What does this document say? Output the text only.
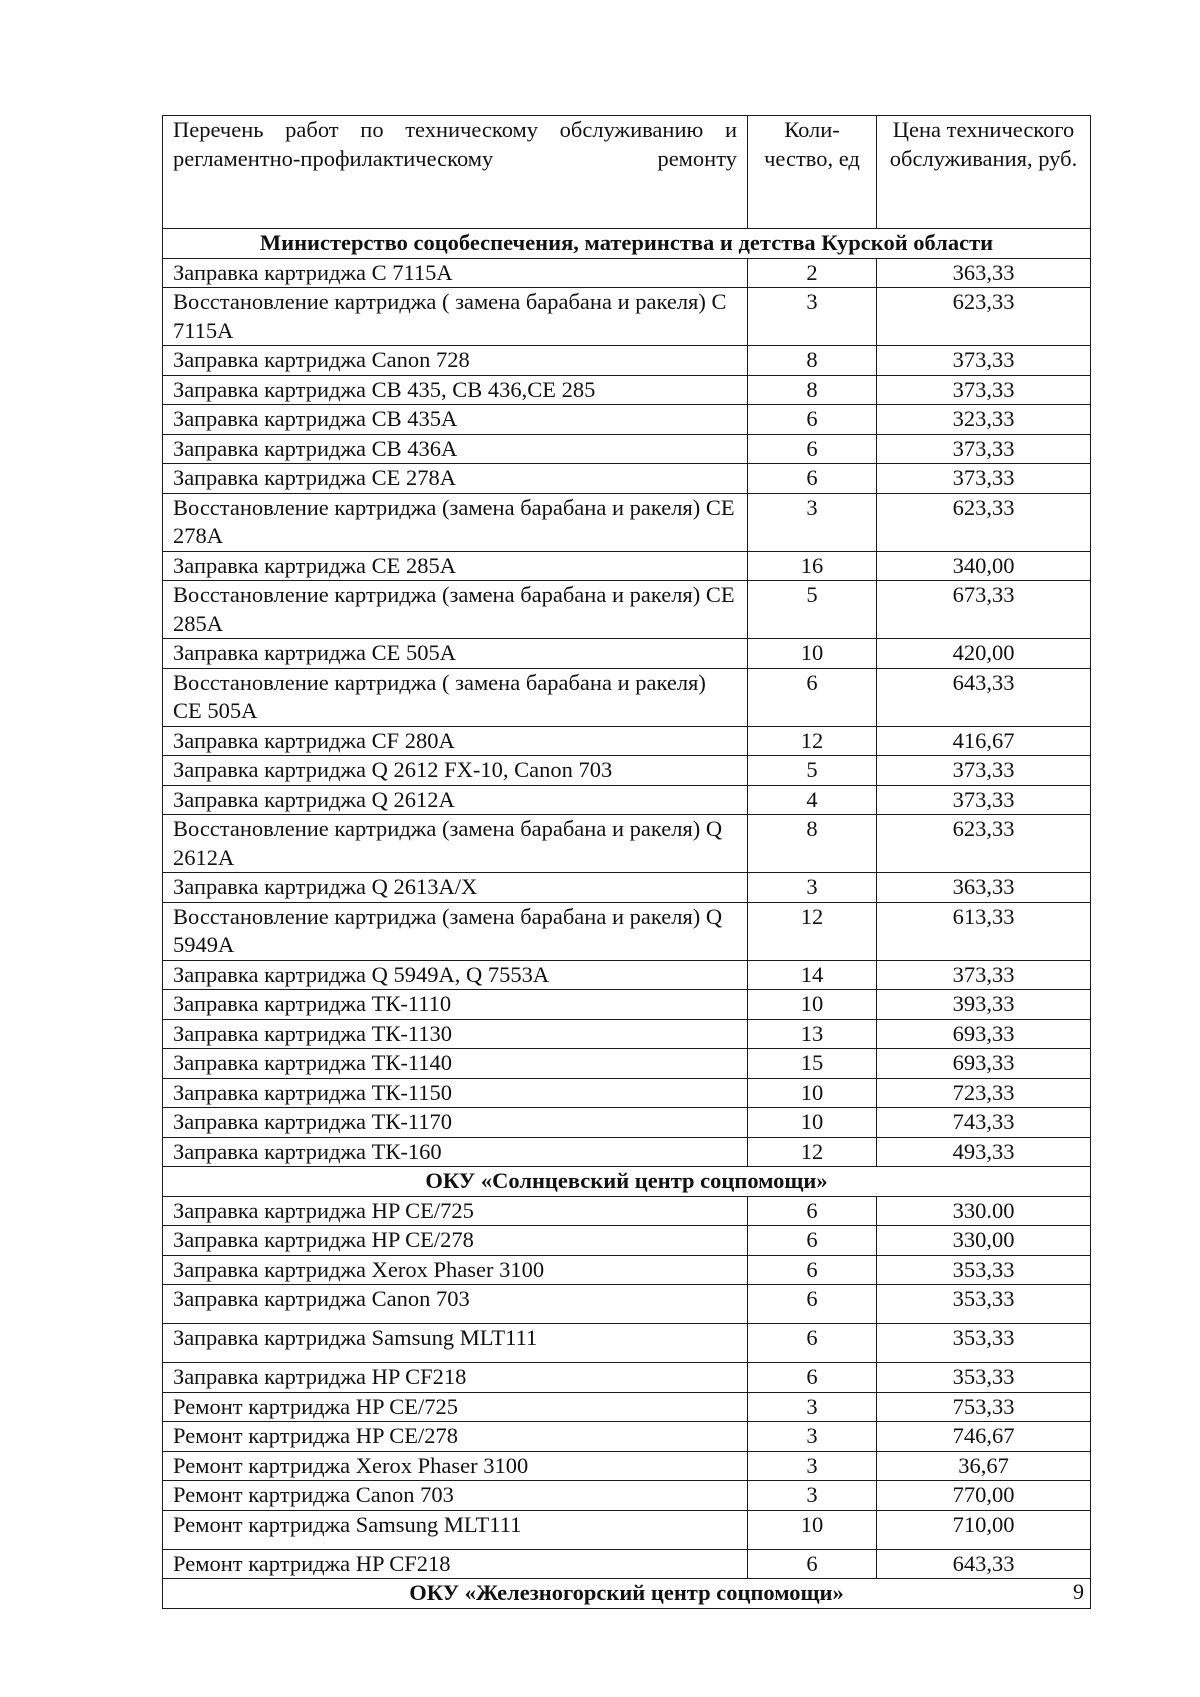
Перечень работ по техническому обслуживанию и регламентно-профилактическому ремонту	Коли-чество, ед	Цена технического обслуживания, руб.
Министерство соцобеспечения, материнства и детства Курской области		
Заправка картриджа С 7115А	2	363,33
Восстановление картриджа ( замена барабана и ракеля) С 7115А	3	623,33
Заправка картриджа Canon 728	8	373,33
Заправка картриджа СВ 435, СВ 436,СЕ 285	8	373,33
Заправка картриджа СВ 435А	6	323,33
Заправка картриджа СВ 436А	6	373,33
Заправка картриджа СЕ 278А	6	373,33
Восстановление картриджа (замена барабана и ракеля) СЕ 278А	3	623,33
Заправка картриджа СЕ 285А	16	340,00
Восстановление картриджа (замена барабана и ракеля) СЕ 285А	5	673,33
Заправка картриджа СЕ 505А	10	420,00
Восстановление картриджа ( замена барабана и ракеля) СЕ 505А	6	643,33
Заправка картриджа СF 280А	12	416,67
Заправка картриджа Q 2612 FX-10, Canon 703	5	373,33
Заправка картриджа Q 2612А	4	373,33
Восстановление картриджа (замена барабана и ракеля) Q 2612А	8	623,33
Заправка картриджа Q 2613А/Х	3	363,33
Восстановление картриджа (замена барабана и ракеля) Q 5949А	12	613,33
Заправка картриджа Q 5949А, Q 7553А	14	373,33
Заправка картриджа ТК-1110	10	393,33
Заправка картриджа ТК-1130	13	693,33
Заправка картриджа ТК-1140	15	693,33
Заправка картриджа ТК-1150	10	723,33
Заправка картриджа ТК-1170	10	743,33
Заправка картриджа ТК-160	12	493,33
ОКУ «Солнцевский центр соцпомощи»		
Заправка картриджа HP CE/725	6	330.00
Заправка картриджа HP CE/278	6	330,00
Заправка картриджа Xerox Phaser 3100	6	353,33
Заправка картриджа Canon 703	6	353,33
Заправка картриджа Samsung MLT111	6	353,33
Заправка картриджа HP CF218	6	353,33
Ремонт картриджа HP CE/725	3	753,33
Ремонт картриджа HP CE/278	3	746,67
Ремонт картриджа Xerox Phaser 3100	3	36,67
Ремонт картриджа Canon 703	3	770,00
Ремонт картриджа Samsung MLT111	10	710,00
Ремонт картриджа HP CF218	6	643,33
ОКУ «Железногорский центр соцпомощи»			9
